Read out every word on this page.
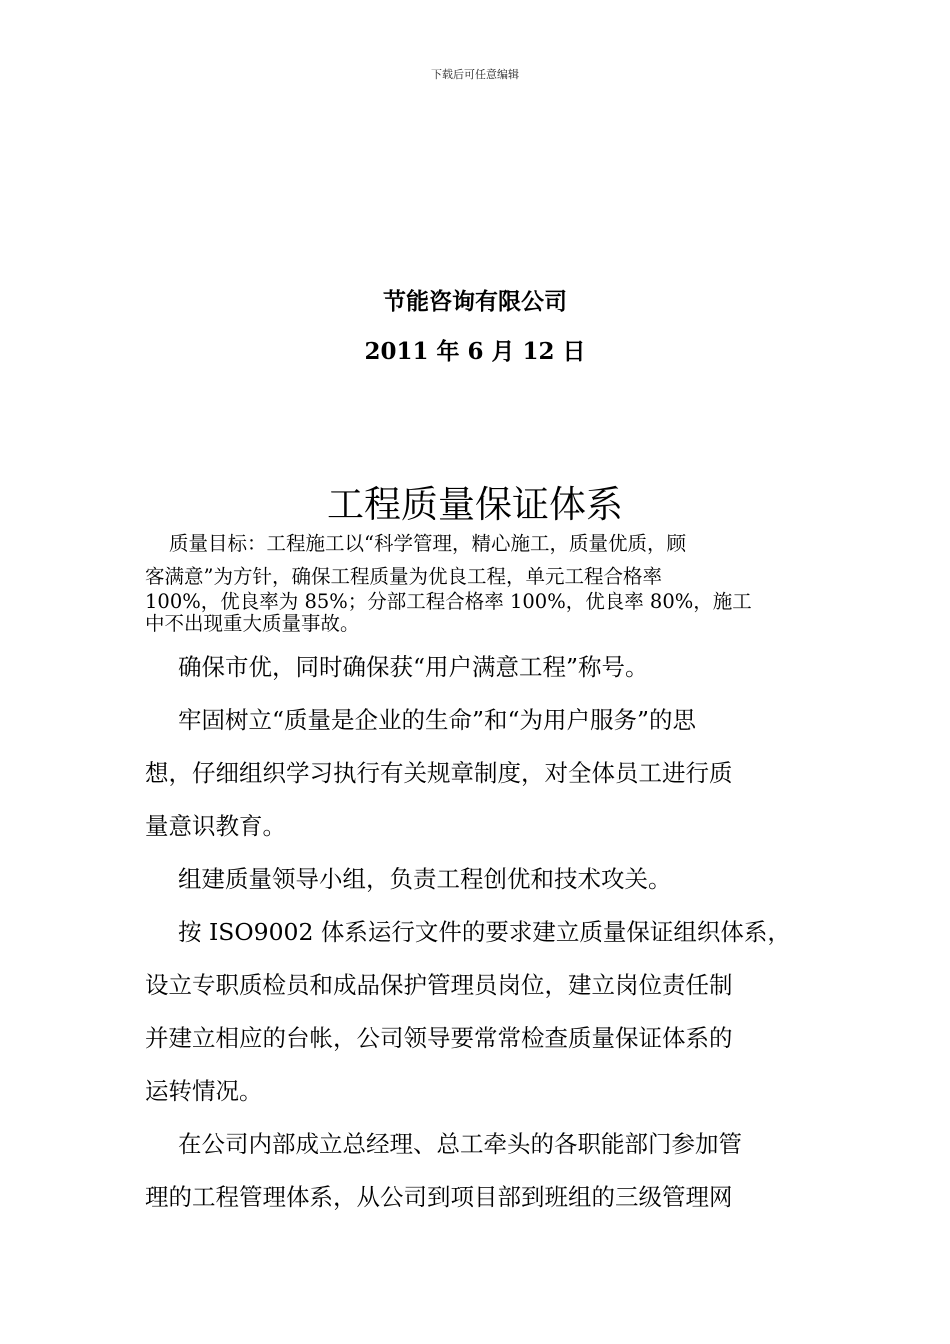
下载后可任意编辑
节能咨询有限公司
2011 年 6 月 12 日
工程质量保证体系
质量目标：工程施工以“科学管理，精心施工，质量优质，顾
客满意”为方针，确保工程质量为优良工程，单元工程合格率
100%，优良率为 85%；分部工程合格率 100%，优良率 80%，施工
中不出现重大质量事故。

确保市优，同时确保获“用户满意工程”称号。

牢固树立“质量是企业的生命”和“为用户服务”的思
想，仔细组织学习执行有关规章制度，对全体员工进行质
量意识教育。

组建质量领导小组，负责工程创优和技术攻关。

按 ISO9002 体系运行文件的要求建立质量保证组织体系，
设立专职质检员和成品保护管理员岗位，建立岗位责任制
并建立相应的台帐，公司领导要常常检查质量保证体系的
运转情况。

在公司内部成立总经理、总工牵头的各职能部门参加管
理的工程管理体系，从公司到项目部到班组的三级管理网
